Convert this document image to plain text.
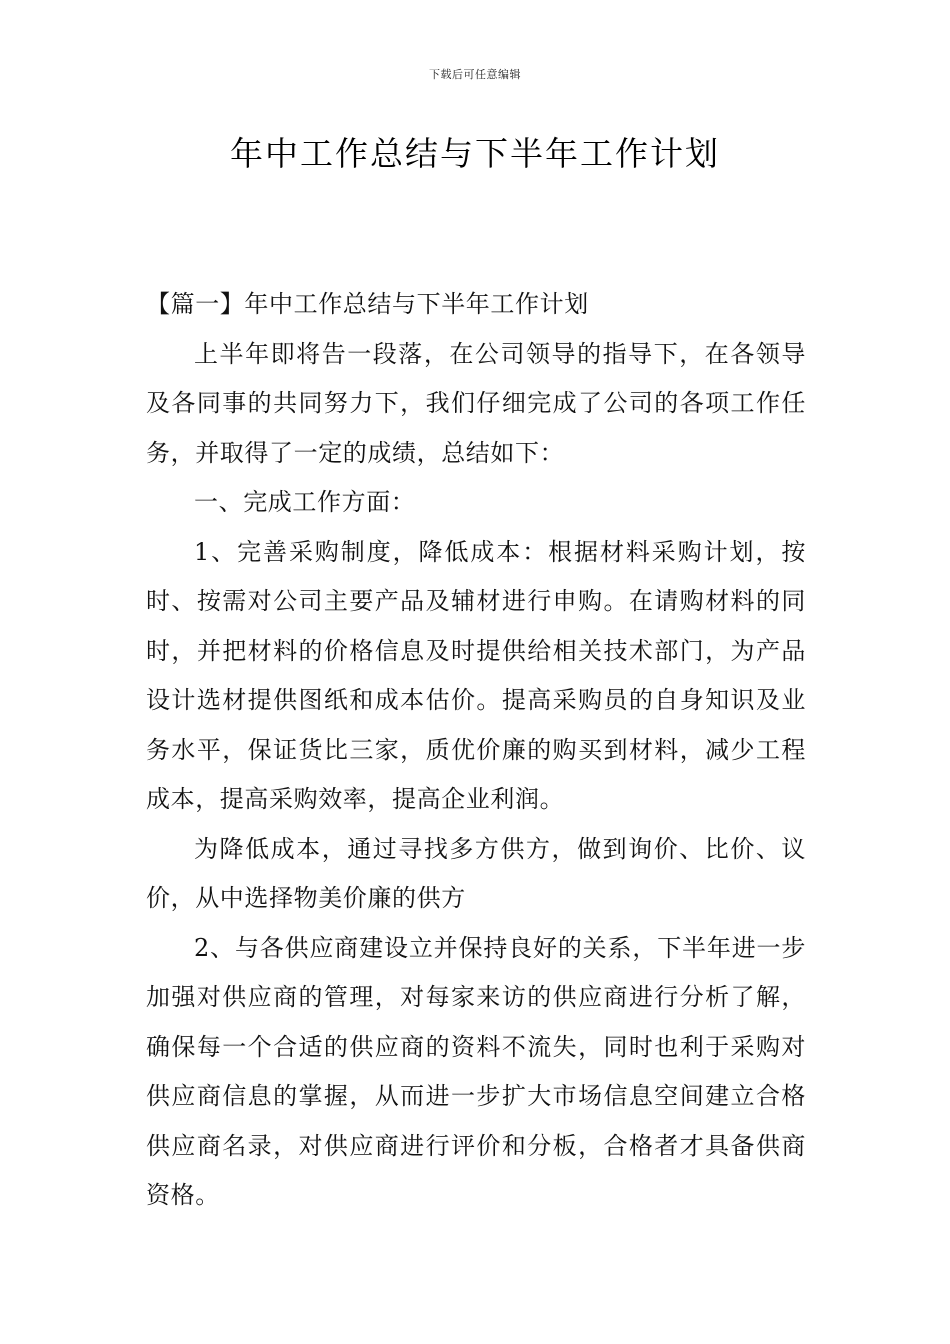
下载后可任意编辑
年中工作总结与下半年工作计划

【篇一】年中工作总结与下半年工作计划

上半年即将告一段落，在公司领导的指导下，在各领导及各同事的共同努力下，我们仔细完成了公司的各项工作任务，并取得了一定的成绩，总结如下：

一、完成工作方面：

1、完善采购制度，降低成本：根据材料采购计划，按时、按需对公司主要产品及辅材进行申购。在请购材料的同时，并把材料的价格信息及时提供给相关技术部门，为产品设计选材提供图纸和成本估价。提高采购员的自身知识及业务水平，保证货比三家，质优价廉的购买到材料，减少工程成本，提高采购效率，提高企业利润。

为降低成本，通过寻找多方供方，做到询价、比价、议价，从中选择物美价廉的供方

2、与各供应商建设立并保持良好的关系，下半年进一步加强对供应商的管理，对每家来访的供应商进行分析了解，确保每一个合适的供应商的资料不流失，同时也利于采购对供应商信息的掌握，从而进一步扩大市场信息空间建立合格供应商名录，对供应商进行评价和分板，合格者才具备供商资格。
